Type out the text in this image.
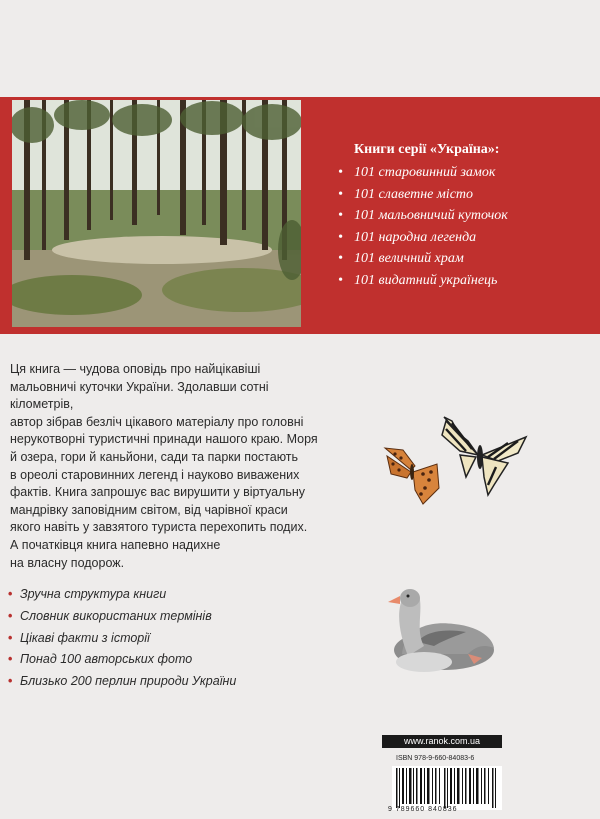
Книги серії «Україна»:
• 101 старовинний замок
• 101 славетне місто
• 101 мальовничий куточок
• 101 народна легенда
• 101 величний храм
• 101 видатний українець

Ця книга — чудова оповідь про найцікавіші

мальовничі куточки України. Здолавши сотні кілометрів,

автор зібрав безліч цікавого матеріалу про головні

нерукотворні туристичні принади нашого краю. Моря

й озера, гори й каньйони, сади та парки постають

в ореолі старовинних легенд і науково виважених

фактів. Книга запрошує вас вирушити у віртуальну

мандрівку заповідним світом, від чарівної краси

якого навіть у завзятого туриста перехопить подих.

А початківця книга напевно надихне

на власну подорож.

• Зручна структура книги
• Словник використаних термінів
• Цікаві факти з історії
• Понад 100 авторських фото
• Близько 200 перлин природи України
www.ranok.com.ua
ISBN 978-9-660-84083-6
9 789660 840836
